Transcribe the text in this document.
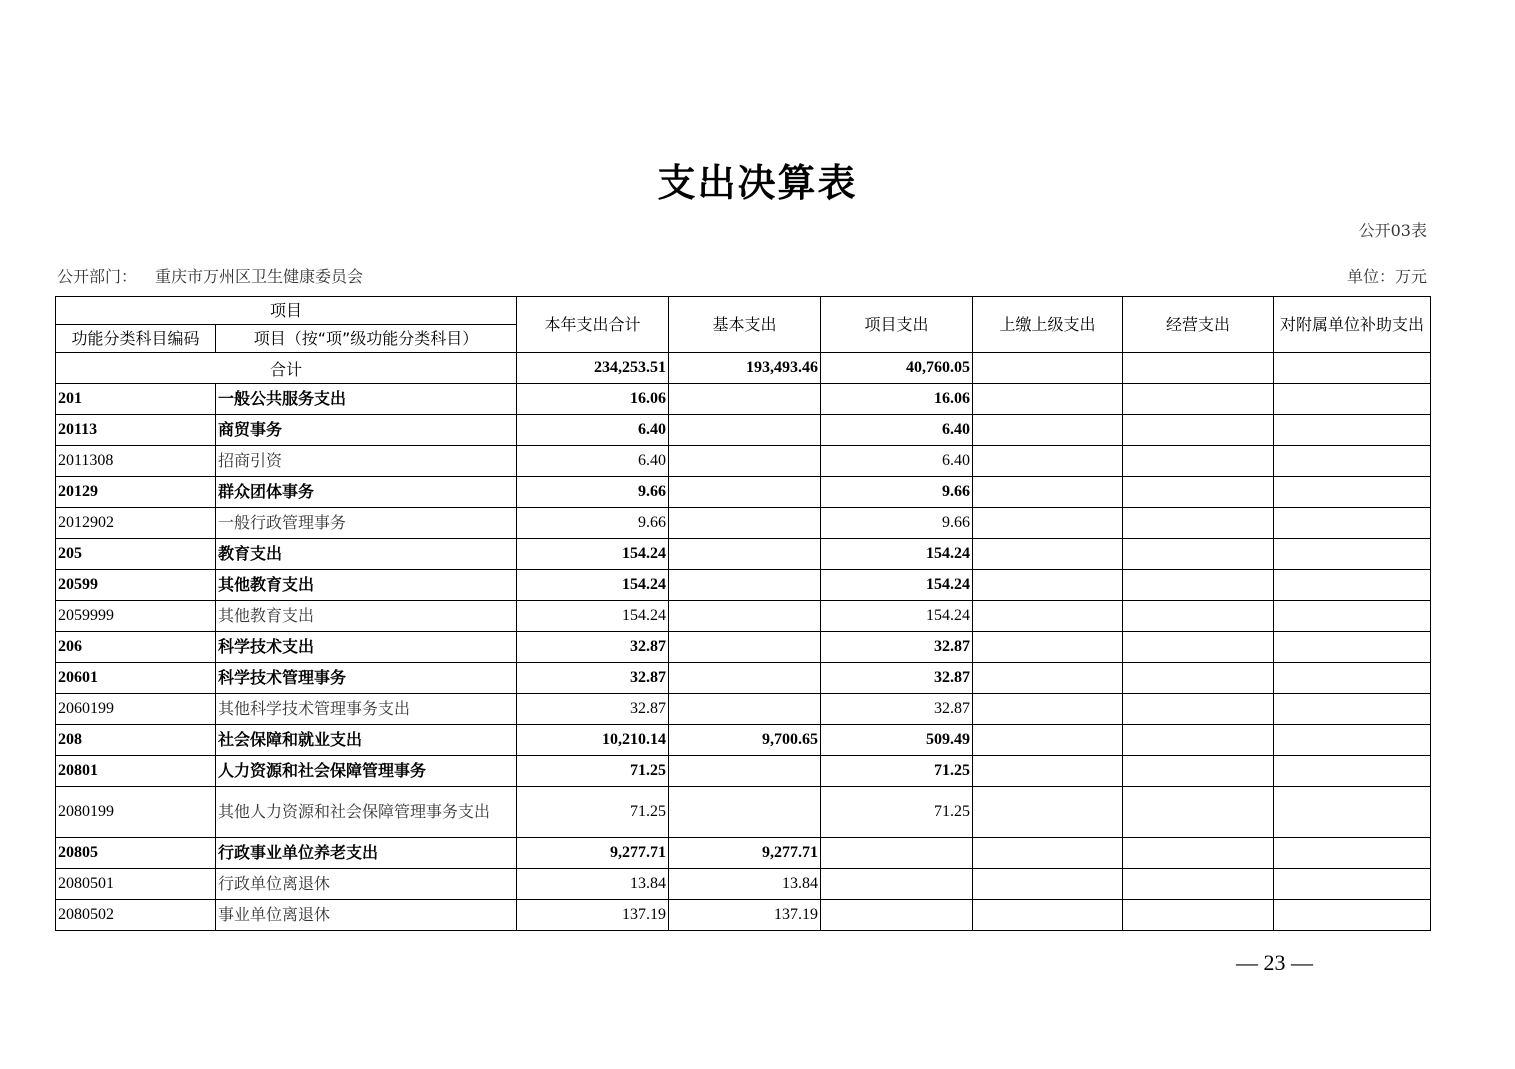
支出决算表
公开03表
公开部门： 重庆市万州区卫生健康委员会	单位：万元
项目		本年支出合计	基本支出	项目支出	上缴上级支出	经营支出	对附属单位补助支出
功能分类科目编码	项目（按“项”级功能分类科目）						
合计		234,253.51	193,493.46	40,760.05			
201	一般公共服务支出	16.06		16.06			
20113	商贸事务	6.40		6.40			
2011308	招商引资	6.40		6.40			
20129	群众团体事务	9.66		9.66			
2012902	一般行政管理事务	9.66		9.66			
205	教育支出	154.24		154.24			
20599	其他教育支出	154.24		154.24			
2059999	其他教育支出	154.24		154.24			
206	科学技术支出	32.87		32.87			
20601	科学技术管理事务	32.87		32.87			
2060199	其他科学技术管理事务支出	32.87		32.87			
208	社会保障和就业支出	10,210.14	9,700.65	509.49			
20801	人力资源和社会保障管理事务	71.25		71.25			
2080199	其他人力资源和社会保障管理事务支出	71.25		71.25			
20805	行政事业单位养老支出	9,277.71	9,277.71				
2080501	行政单位离退休	13.84	13.84				
2080502	事业单位离退休	137.19	137.19				
— 23 —
